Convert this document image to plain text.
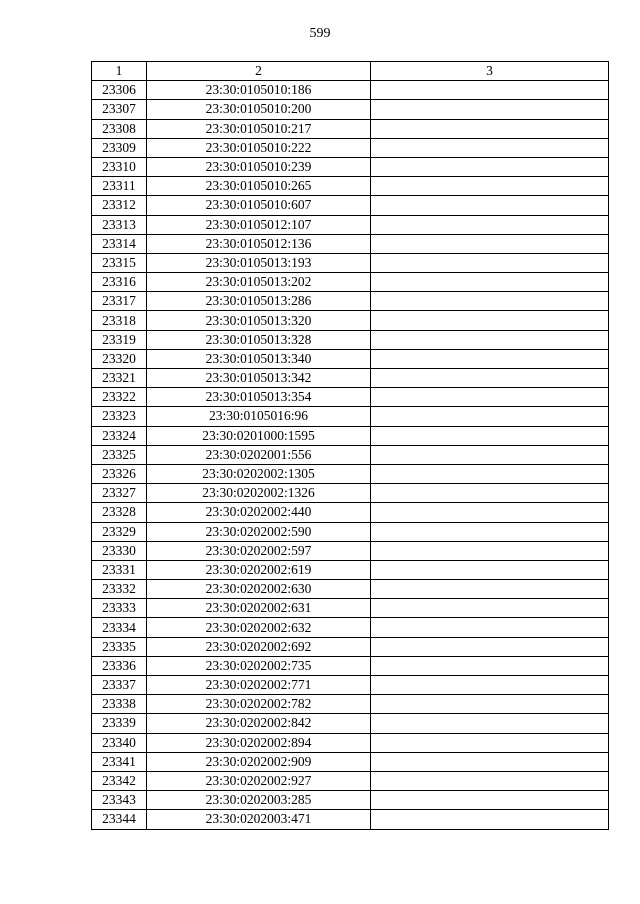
599
1	2	3
23306	23:30:0105010:186	
23307	23:30:0105010:200	
23308	23:30:0105010:217	
23309	23:30:0105010:222	
23310	23:30:0105010:239	
23311	23:30:0105010:265	
23312	23:30:0105010:607	
23313	23:30:0105012:107	
23314	23:30:0105012:136	
23315	23:30:0105013:193	
23316	23:30:0105013:202	
23317	23:30:0105013:286	
23318	23:30:0105013:320	
23319	23:30:0105013:328	
23320	23:30:0105013:340	
23321	23:30:0105013:342	
23322	23:30:0105013:354	
23323	23:30:0105016:96	
23324	23:30:0201000:1595	
23325	23:30:0202001:556	
23326	23:30:0202002:1305	
23327	23:30:0202002:1326	
23328	23:30:0202002:440	
23329	23:30:0202002:590	
23330	23:30:0202002:597	
23331	23:30:0202002:619	
23332	23:30:0202002:630	
23333	23:30:0202002:631	
23334	23:30:0202002:632	
23335	23:30:0202002:692	
23336	23:30:0202002:735	
23337	23:30:0202002:771	
23338	23:30:0202002:782	
23339	23:30:0202002:842	
23340	23:30:0202002:894	
23341	23:30:0202002:909	
23342	23:30:0202002:927	
23343	23:30:0202003:285	
23344	23:30:0202003:471	
